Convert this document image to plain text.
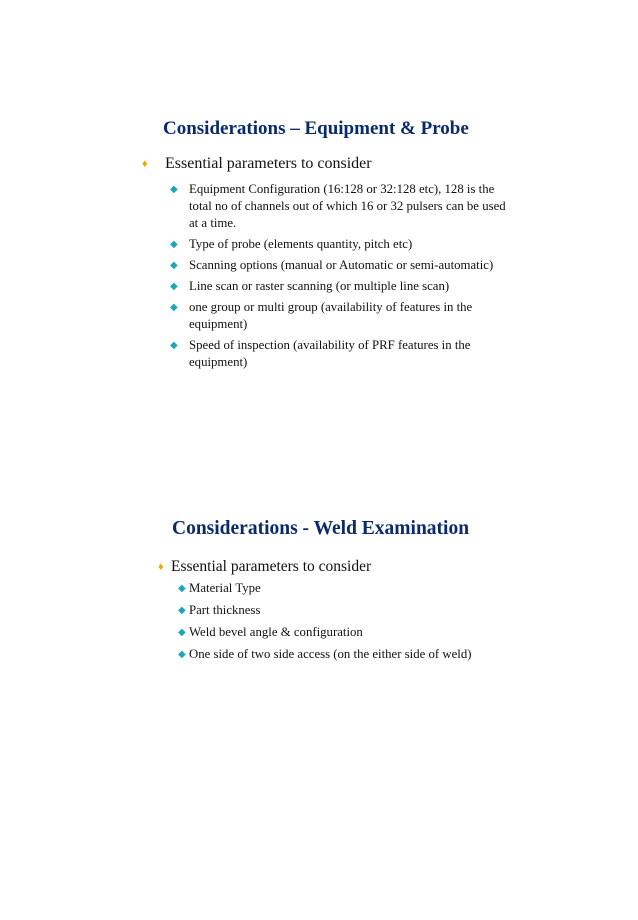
Considerations – Equipment & Probe
♦	Essential parameters to consider
◆ Equipment Configuration (16:128 or 32:128 etc), 128 is the total no of channels out of which 16 or 32 pulsers can be used at a time.
◆ Type of probe (elements quantity, pitch etc)
◆ Scanning options (manual or Automatic or semi-automatic)
◆ Line scan or raster scanning (or multiple line scan)
◆ one group or multi group (availability of features in the equipment)
◆ Speed of inspection (availability of PRF features in the equipment)
Considerations - Weld Examination
♦ Essential parameters to consider
◆ Material Type
◆ Part thickness
◆ Weld bevel angle & configuration
◆ One side of two side access (on the either side of weld)
